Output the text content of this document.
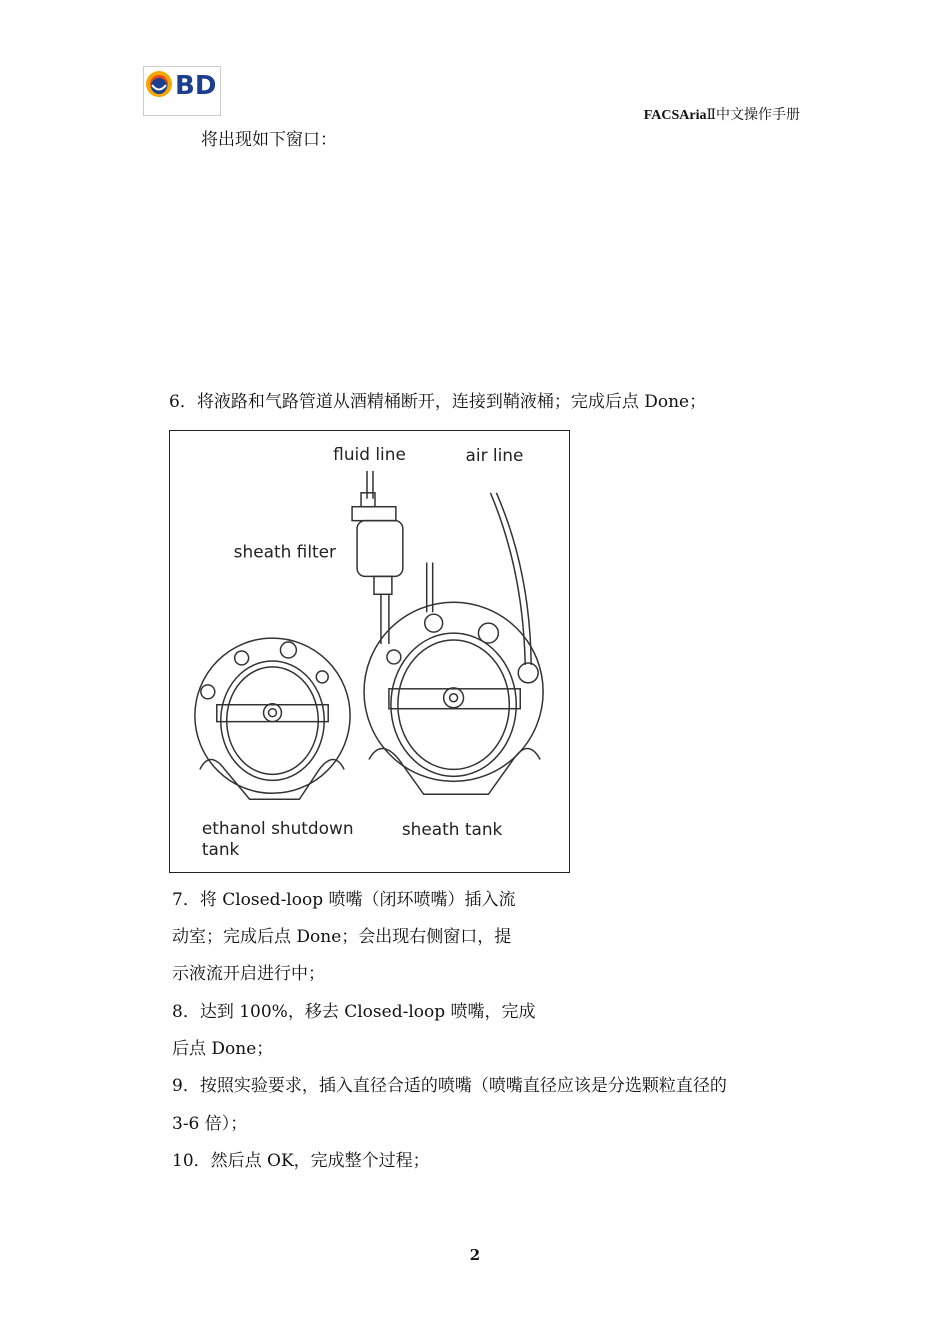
BD
FACSAriaⅡ中文操作手册
将出现如下窗口：
6．将液路和气路管道从酒精桶断开，连接到鞘液桶；完成后点 Done；
fluid line	air line
sheath filter
ethanol shutdown
tank
sheath tank
7．将 Closed-loop 喷嘴（闭环喷嘴）插入流
动室；完成后点 Done；会出现右侧窗口，提
示液流开启进行中；
8．达到 100%，移去 Closed-loop 喷嘴，完成
后点 Done；
9．按照实验要求，插入直径合适的喷嘴（喷嘴直径应该是分选颗粒直径的
3-6 倍）；
10．然后点 OK，完成整个过程；
2
